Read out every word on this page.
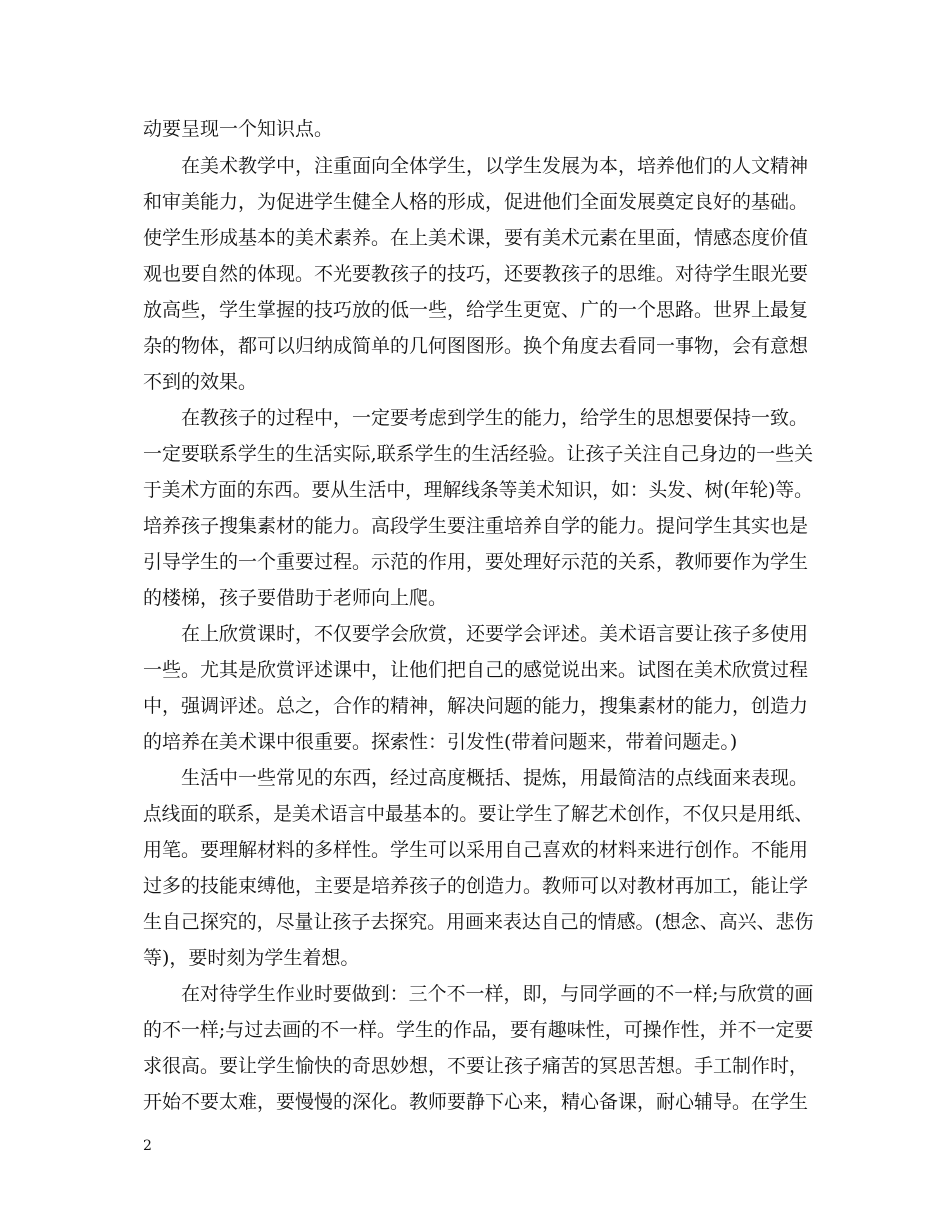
动要呈现一个知识点。
在美术教学中，注重面向全体学生，以学生发展为本，培养他们的人文精神
和审美能力，为促进学生健全人格的形成，促进他们全面发展奠定良好的基础。
使学生形成基本的美术素养。在上美术课，要有美术元素在里面，情感态度价值
观也要自然的体现。不光要教孩子的技巧，还要教孩子的思维。对待学生眼光要
放高些，学生掌握的技巧放的低一些，给学生更宽、广的一个思路。世界上最复
杂的物体，都可以归纳成简单的几何图图形。换个角度去看同一事物，会有意想
不到的效果。
在教孩子的过程中，一定要考虑到学生的能力，给学生的思想要保持一致。
一定要联系学生的生活实际,联系学生的生活经验。让孩子关注自己身边的一些关
于美术方面的东西。要从生活中，理解线条等美术知识，如：头发、树(年轮)等。
培养孩子搜集素材的能力。高段学生要注重培养自学的能力。提问学生其实也是
引导学生的一个重要过程。示范的作用，要处理好示范的关系，教师要作为学生
的楼梯，孩子要借助于老师向上爬。
在上欣赏课时，不仅要学会欣赏，还要学会评述。美术语言要让孩子多使用
一些。尤其是欣赏评述课中，让他们把自己的感觉说出来。试图在美术欣赏过程
中，强调评述。总之，合作的精神，解决问题的能力，搜集素材的能力，创造力
的培养在美术课中很重要。探索性：引发性(带着问题来，带着问题走。)
生活中一些常见的东西，经过高度概括、提炼，用最简洁的点线面来表现。
点线面的联系，是美术语言中最基本的。要让学生了解艺术创作，不仅只是用纸、
用笔。要理解材料的多样性。学生可以采用自己喜欢的材料来进行创作。不能用
过多的技能束缚他，主要是培养孩子的创造力。教师可以对教材再加工，能让学
生自己探究的，尽量让孩子去探究。用画来表达自己的情感。(想念、高兴、悲伤
等)，要时刻为学生着想。
在对待学生作业时要做到：三个不一样，即，与同学画的不一样;与欣赏的画
的不一样;与过去画的不一样。学生的作品，要有趣味性，可操作性，并不一定要
求很高。要让学生愉快的奇思妙想，不要让孩子痛苦的冥思苦想。手工制作时，
开始不要太难，要慢慢的深化。教师要静下心来，精心备课，耐心辅导。在学生
2
